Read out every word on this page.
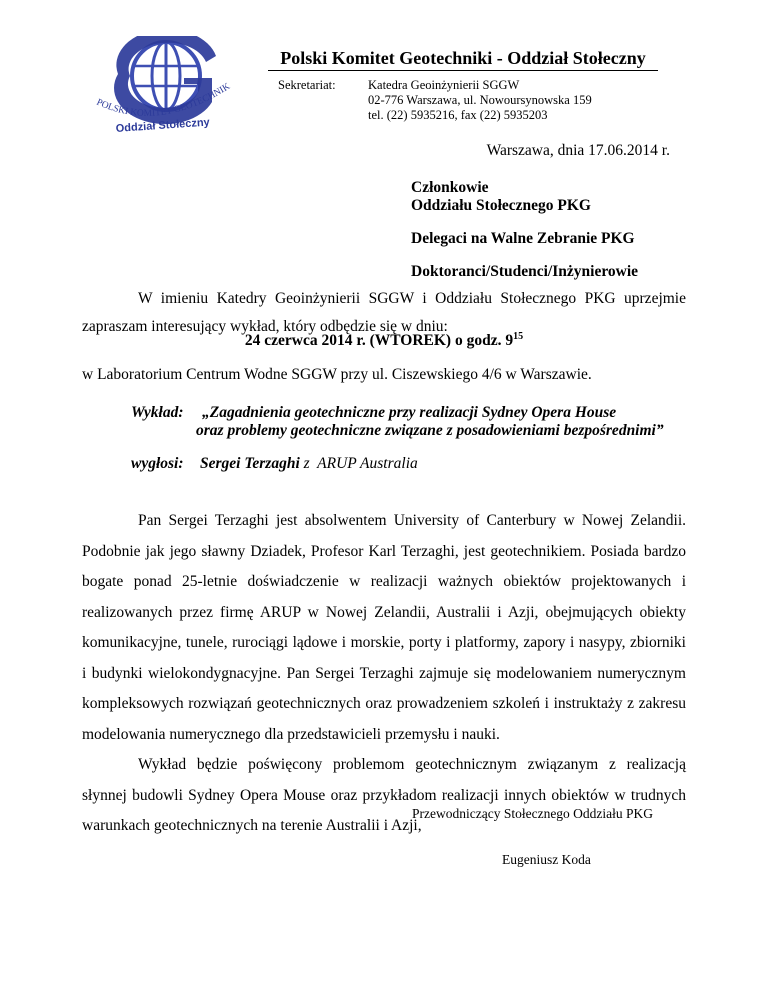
POLSKI KOMITET GEOTECHNIK
Oddział Stołeczny
Polski Komitet Geotechniki - Oddział Stołeczny
Sekretariat:	Katedra Geoinżynierii SGGW
02-776 Warszawa, ul. Nowoursynowska 159
tel. (22) 5935216, fax (22) 5935203
Warszawa, dnia 17.06.2014 r.
Członkowie
Oddziału Stołecznego PKG
Delegaci na Walne Zebranie PKG
Doktoranci/Studenci/Inżynierowie
W imieniu Katedry Geoinżynierii SGGW i Oddziału Stołecznego PKG uprzejmie zapraszam interesujący wykład, który odbędzie się w dniu:
24 czerwca 2014 r. (WTOREK) o godz. $9^{15}$
w Laboratorium Centrum Wodne SGGW przy ul. Ciszewskiego 4/6 w Warszawie.
Wykład:	„Zagadnienia geotechniczne przy realizacji Sydney Opera House
oraz problemy geotechniczne związane z posadowieniami bezpośrednimi”
wygłosi: Sergei Terzaghi z  ARUP Australia

Pan Sergei Terzaghi jest absolwentem University of Canterbury w Nowej Zelandii. Podobnie jak jego sławny Dziadek, Profesor Karl Terzaghi, jest geotechnikiem. Posiada bardzo bogate ponad 25-letnie doświadczenie w realizacji ważnych obiektów projektowanych i realizowanych przez firmę ARUP w Nowej Zelandii, Australii i Azji, obejmujących obiekty komunikacyjne, tunele, rurociągi lądowe i morskie, porty i platformy, zapory i nasypy, zbiorniki i budynki wielokondygnacyjne. Pan Sergei Terzaghi zajmuje się modelowaniem numerycznym kompleksowych rozwiązań geotechnicznych oraz prowadzeniem szkoleń i instruktaży z zakresu modelowania numerycznego dla przedstawicieli przemysłu i nauki.

Wykład będzie poświęcony problemom geotechnicznym związanym z realizacją słynnej budowli Sydney Opera Mouse oraz przykładom realizacji innych obiektów w trudnych warunkach geotechnicznych na terenie Australii i Azji,

Przewodniczący Stołecznego Oddziału PKG
Eugeniusz Koda
